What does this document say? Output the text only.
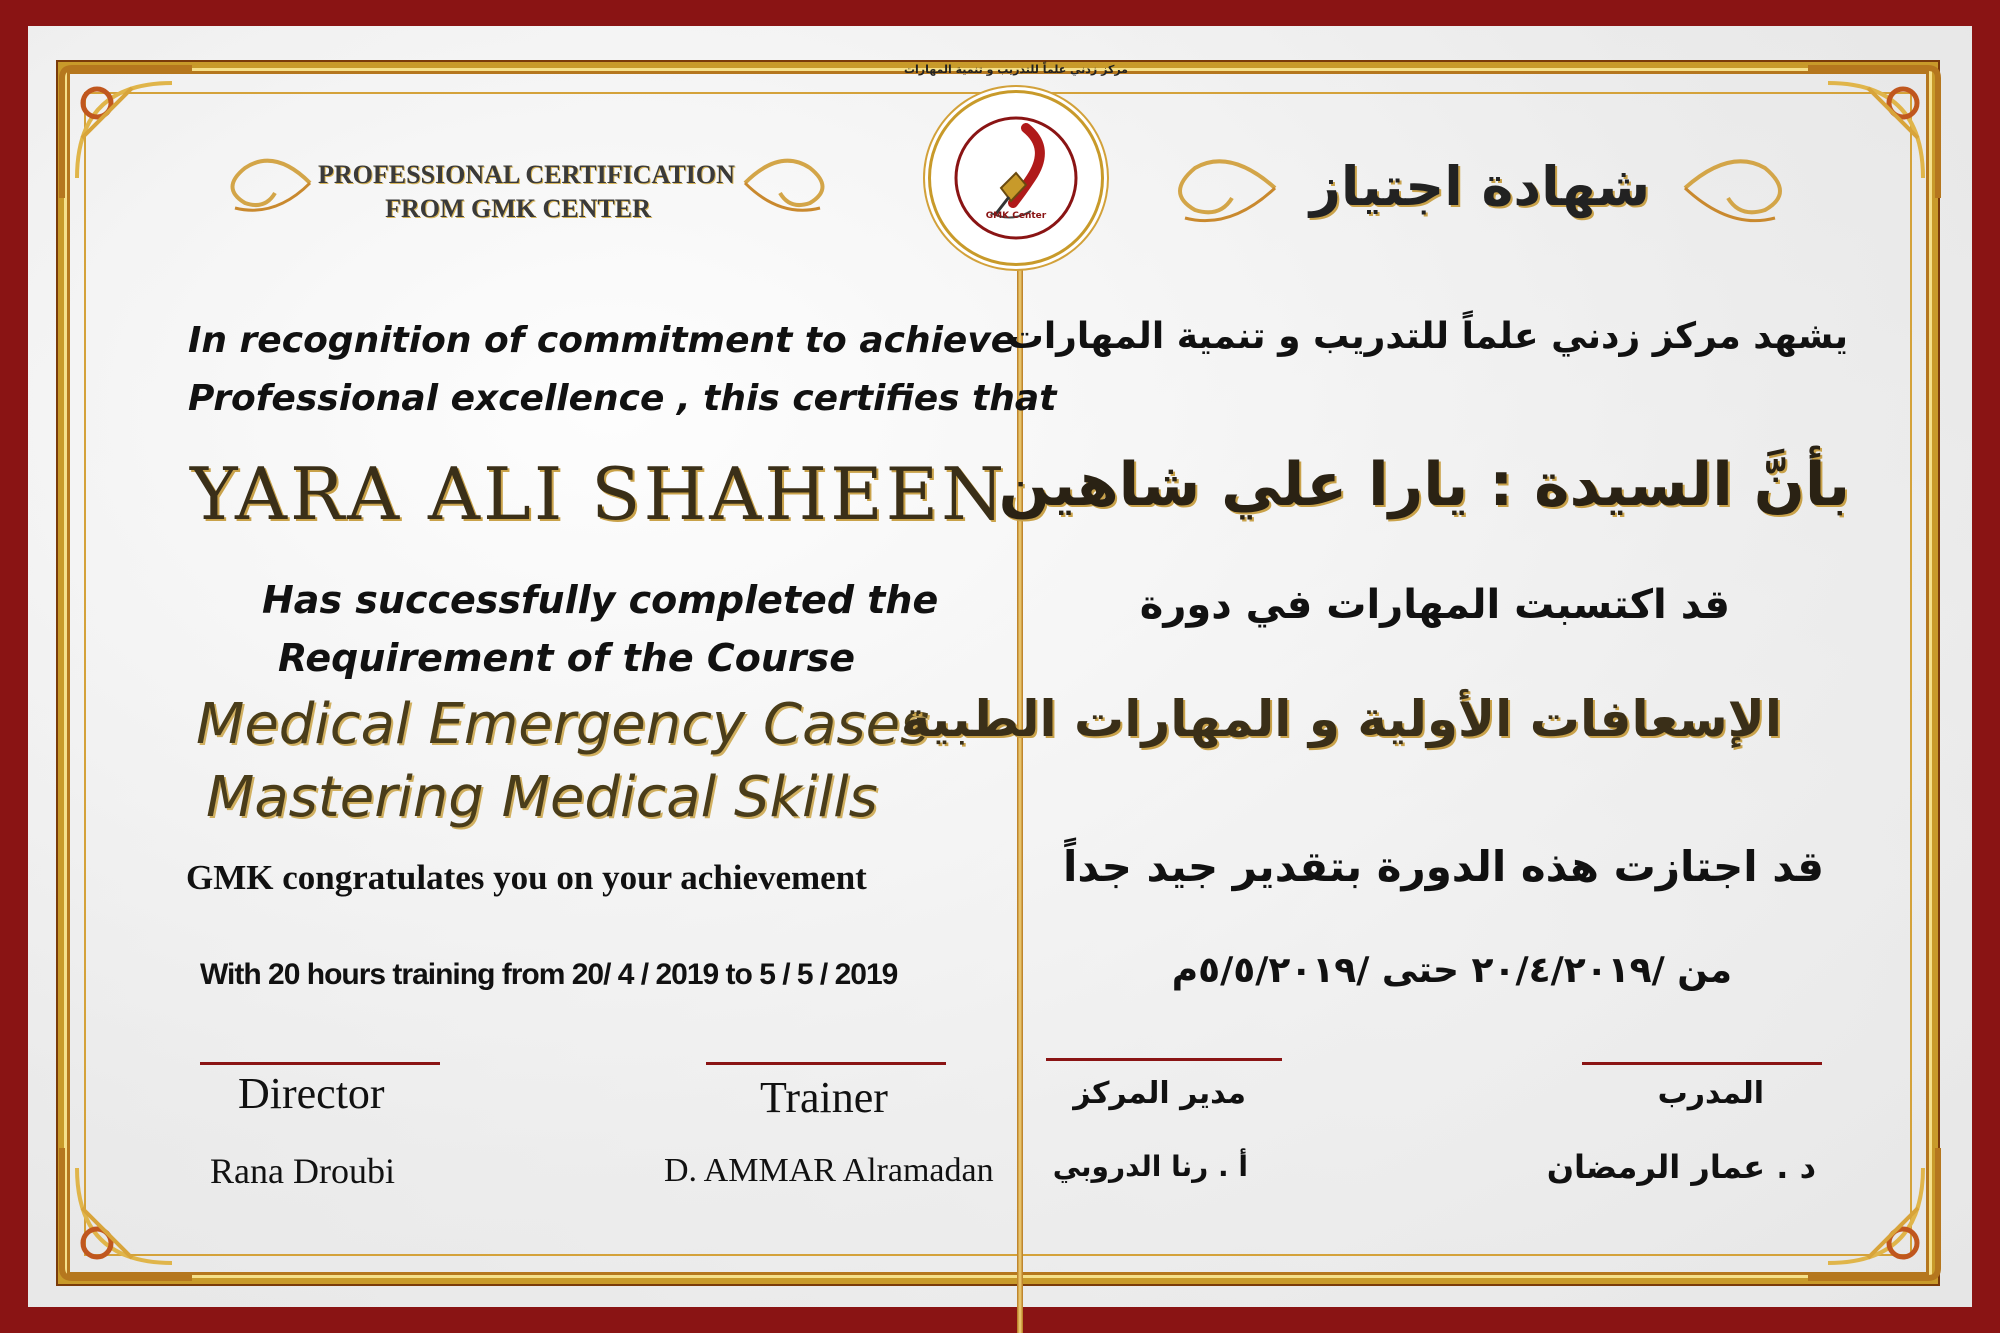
GMK Center
مركز زدني علماً للتدريب و تنمية المهارات
PROFESSIONAL CERTIFICATION
FROM GMK CENTER	شهادة اجتياز
In recognition of commitment to achieve
Professional excellence , this certifies that
YARA ALI SHAHEEN
Has successfully completed the
Requirement of the Course
Medical Emergency Cases
Mastering Medical Skills
GMK congratulates you on your achievement
With 20 hours training from 20/ 4 / 2019 to 5 / 5 / 2019
Director
Rana Droubi
Trainer
D. AMMAR Alramadan
يشهد مركز زدني علماً للتدريب و تنمية المهارات
بأنَّ السيدة : يارا علي شاهين
قد اكتسبت المهارات في دورة
الإسعافات الأولية و المهارات الطبية
قد اجتازت هذه الدورة بتقدير جيد جداً
من /٢٠/٤/٢٠١٩ حتى /٥/٥/٢٠١٩م
مدير المركز
أ . رنا الدروبي
المدرب
د . عمار الرمضان
